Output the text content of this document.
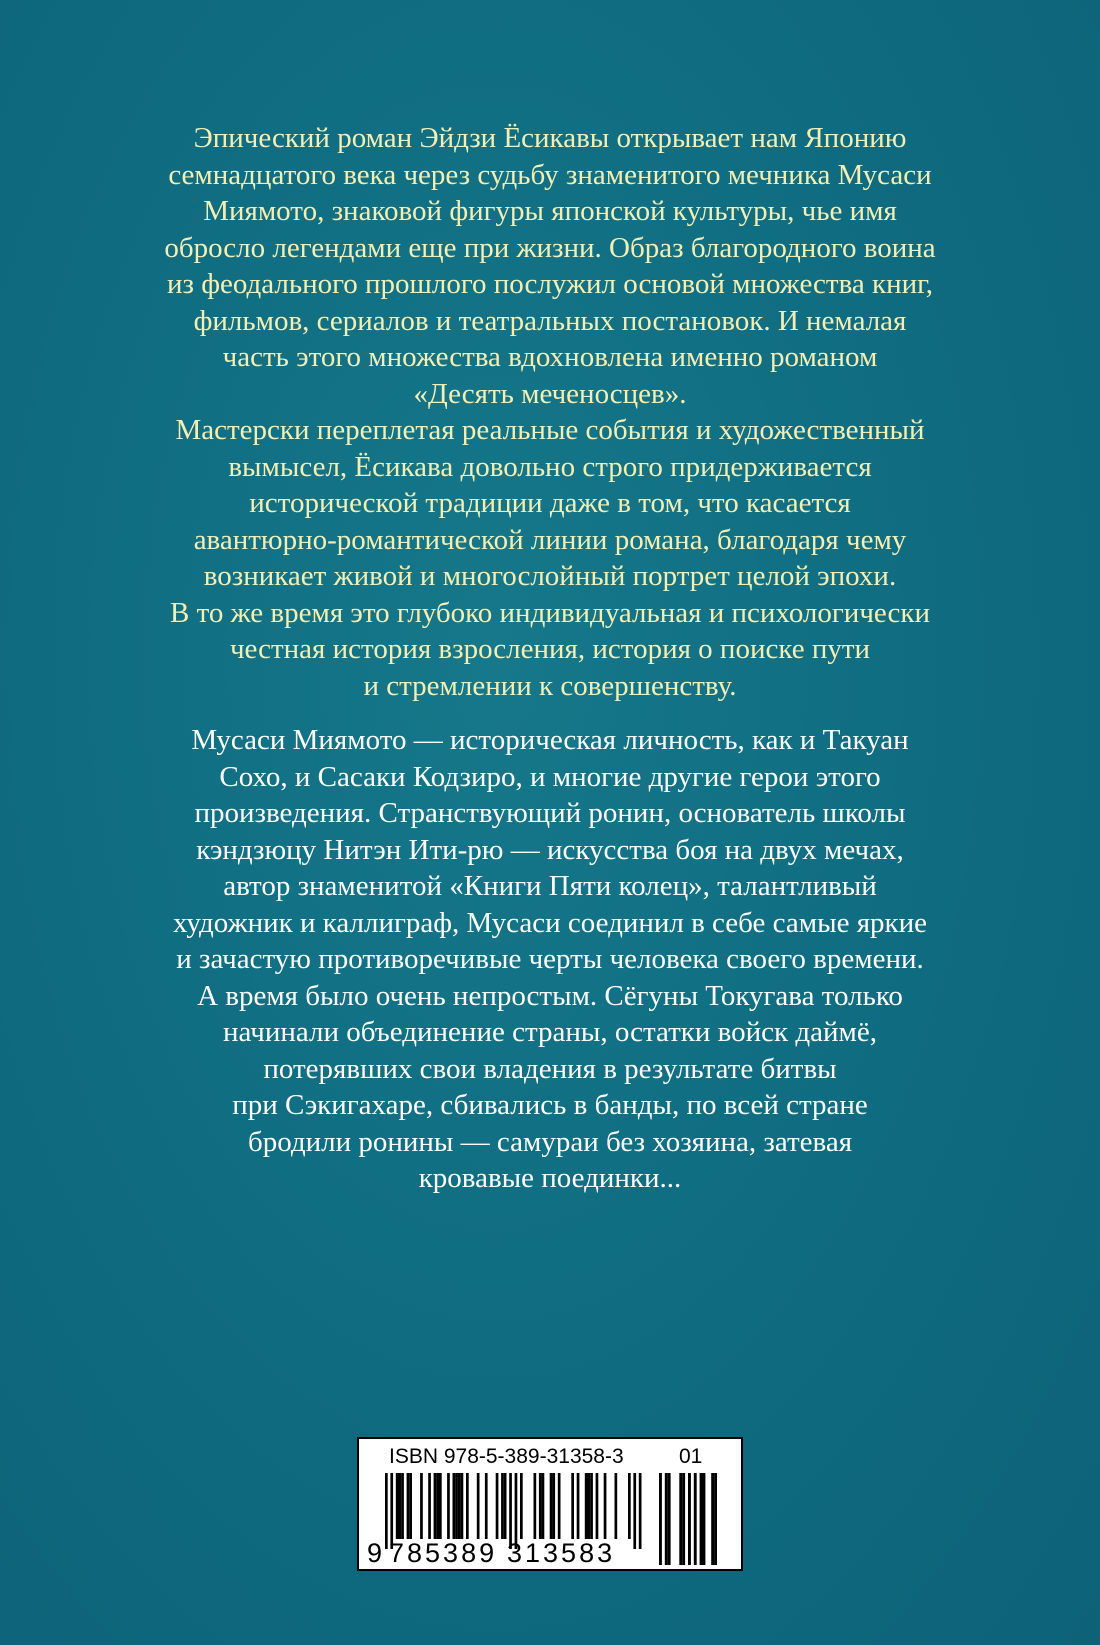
Эпический роман Эйдзи Ёсикавы открывает нам Японию
семнадцатого века через судьбу знаменитого мечника Мусаси
Миямото, знаковой фигуры японской культуры, чье имя
обросло легендами еще при жизни. Образ благородного воина
из феодального прошлого послужил основой множества книг,
фильмов, сериалов и театральных постановок. И немалая
часть этого множества вдохновлена именно романом
«Десять меченосцев».
Мастерски переплетая реальные события и художественный
вымысел, Ёсикава довольно строго придерживается
исторической традиции даже в том, что касается
авантюрно-романтической линии романа, благодаря чему
возникает живой и многослойный портрет целой эпохи.
В то же время это глубоко индивидуальная и психологически
честная история взросления, история о поиске пути
и стремлении к совершенству.
Мусаси Миямото — историческая личность, как и Такуан
Сохо, и Сасаки Кодзиро, и многие другие герои этого
произведения. Странствующий ронин, основатель школы
кэндзюцу Нитэн Ити-рю — искусства боя на двух мечах,
автор знаменитой «Книги Пяти колец», талантливый
художник и каллиграф, Мусаси соединил в себе самые яркие
и зачастую противоречивые черты человека своего времени.
А время было очень непростым. Сёгуны Токугава только
начинали объединение страны, остатки войск даймё,
потерявших свои владения в результате битвы
при Сэкигахаре, сбивались в банды, по всей стране
бродили ронины — самураи без хозяина, затевая
кровавые поединки...
ISBN 978-5-389-31358-3	01

9

785389

313583
